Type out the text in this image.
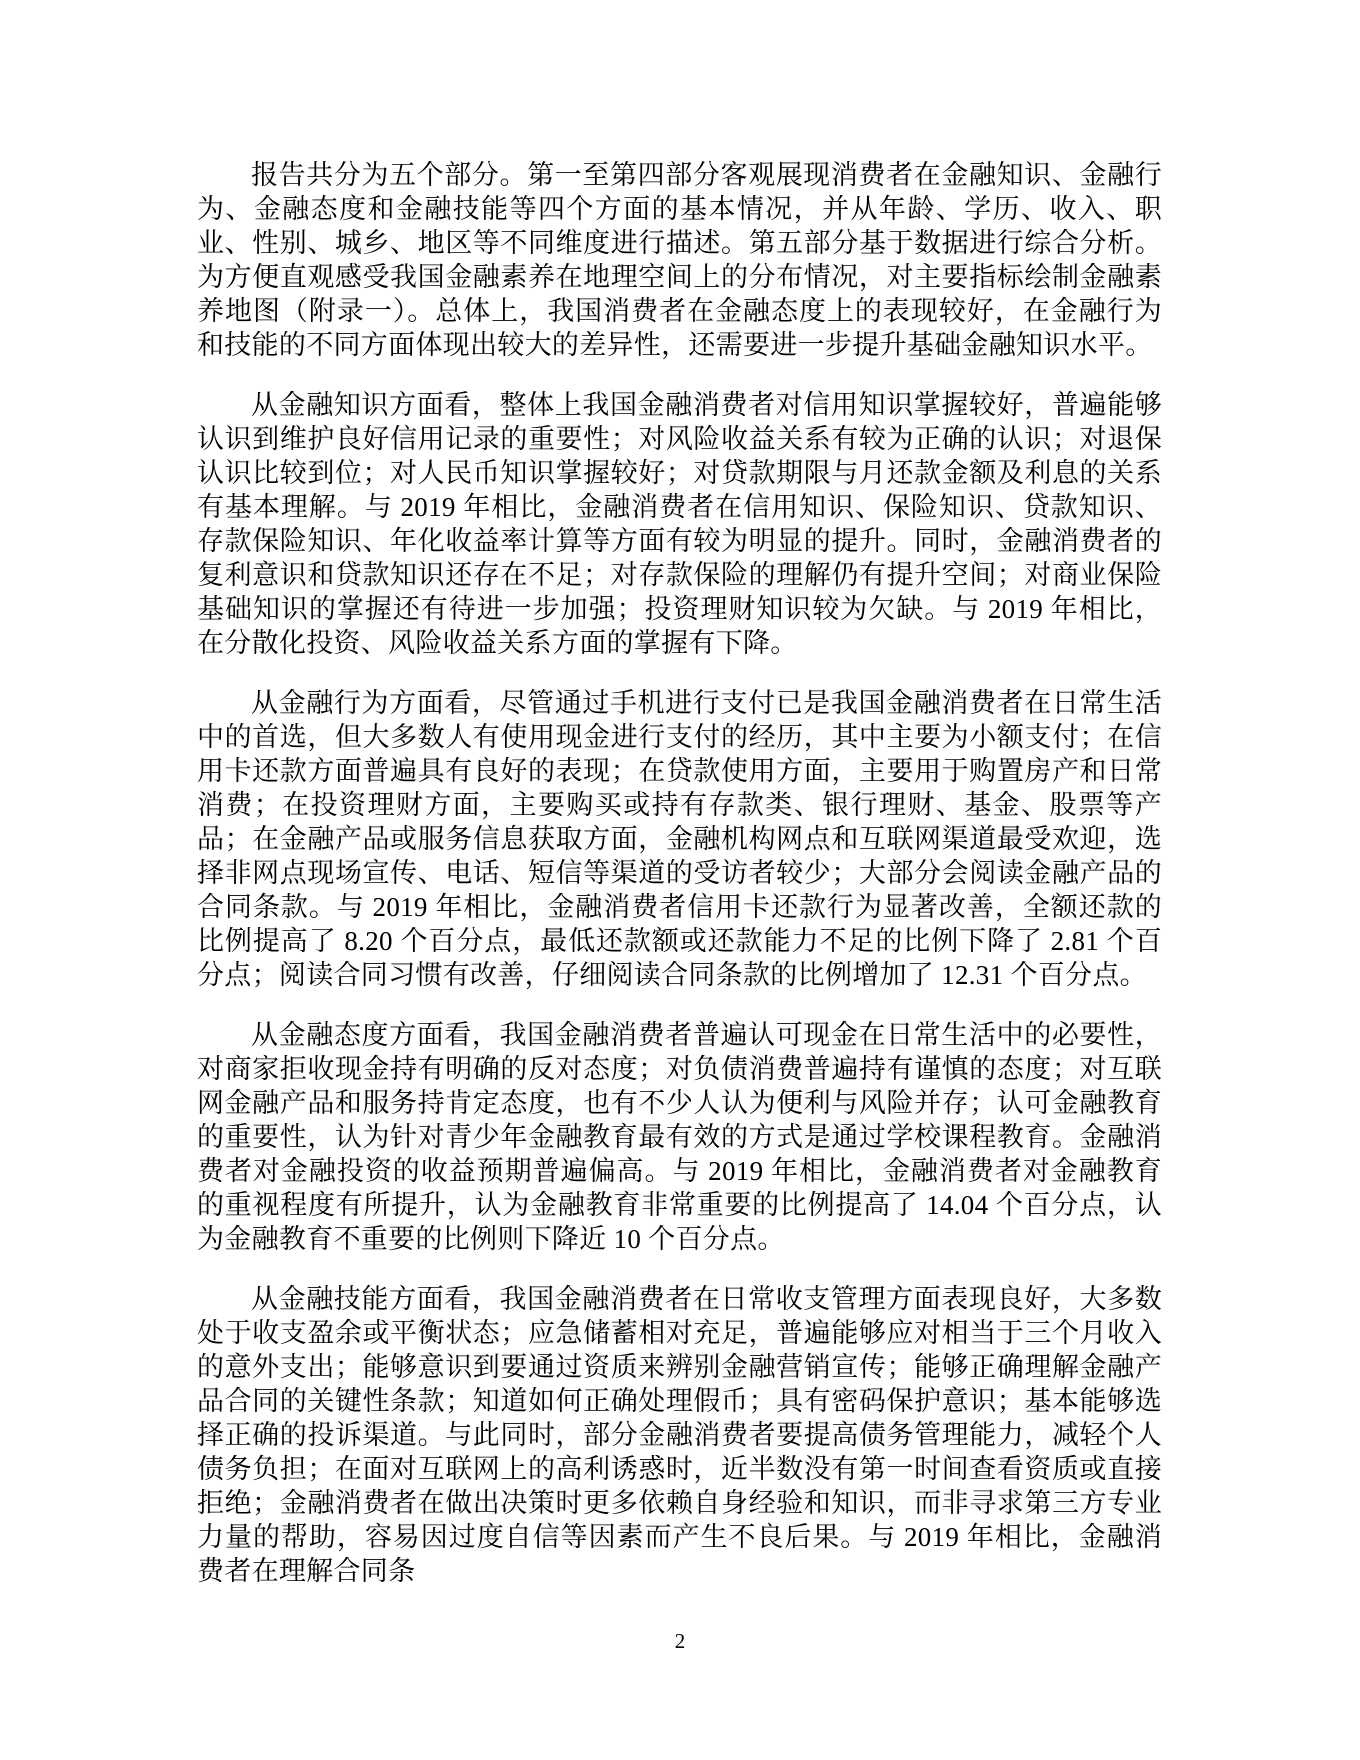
报告共分为五个部分。第一至第四部分客观展现消费者在金融知识、金融行为、金融态度和金融技能等四个方面的基本情况，并从年龄、学历、收入、职业、性别、城乡、地区等不同维度进行描述。第五部分基于数据进行综合分析。为方便直观感受我国金融素养在地理空间上的分布情况，对主要指标绘制金融素养地图（附录一）。总体上，我国消费者在金融态度上的表现较好，在金融行为和技能的不同方面体现出较大的差异性，还需要进一步提升基础金融知识水平。

从金融知识方面看，整体上我国金融消费者对信用知识掌握较好，普遍能够认识到维护良好信用记录的重要性；对风险收益关系有较为正确的认识；对退保认识比较到位；对人民币知识掌握较好；对贷款期限与月还款金额及利息的关系有基本理解。与 2019 年相比，金融消费者在信用知识、保险知识、贷款知识、存款保险知识、年化收益率计算等方面有较为明显的提升。同时，金融消费者的复利意识和贷款知识还存在不足；对存款保险的理解仍有提升空间；对商业保险基础知识的掌握还有待进一步加强；投资理财知识较为欠缺。与 2019 年相比，在分散化投资、风险收益关系方面的掌握有下降。

从金融行为方面看，尽管通过手机进行支付已是我国金融消费者在日常生活中的首选，但大多数人有使用现金进行支付的经历，其中主要为小额支付；在信用卡还款方面普遍具有良好的表现；在贷款使用方面，主要用于购置房产和日常消费；在投资理财方面，主要购买或持有存款类、银行理财、基金、股票等产品；在金融产品或服务信息获取方面，金融机构网点和互联网渠道最受欢迎，选择非网点现场宣传、电话、短信等渠道的受访者较少；大部分会阅读金融产品的合同条款。与 2019 年相比，金融消费者信用卡还款行为显著改善，全额还款的比例提高了 8.20 个百分点，最低还款额或还款能力不足的比例下降了 2.81 个百分点；阅读合同习惯有改善，仔细阅读合同条款的比例增加了 12.31 个百分点。

从金融态度方面看，我国金融消费者普遍认可现金在日常生活中的必要性，对商家拒收现金持有明确的反对态度；对负债消费普遍持有谨慎的态度；对互联网金融产品和服务持肯定态度，也有不少人认为便利与风险并存；认可金融教育的重要性，认为针对青少年金融教育最有效的方式是通过学校课程教育。金融消费者对金融投资的收益预期普遍偏高。与 2019 年相比，金融消费者对金融教育的重视程度有所提升，认为金融教育非常重要的比例提高了 14.04 个百分点，认为金融教育不重要的比例则下降近 10 个百分点。

从金融技能方面看，我国金融消费者在日常收支管理方面表现良好，大多数处于收支盈余或平衡状态；应急储蓄相对充足，普遍能够应对相当于三个月收入的意外支出；能够意识到要通过资质来辨别金融营销宣传；能够正确理解金融产品合同的关键性条款；知道如何正确处理假币；具有密码保护意识；基本能够选择正确的投诉渠道。与此同时，部分金融消费者要提高债务管理能力，减轻个人债务负担；在面对互联网上的高利诱惑时，近半数没有第一时间查看资质或直接拒绝；金融消费者在做出决策时更多依赖自身经验和知识，而非寻求第三方专业力量的帮助，容易因过度自信等因素而产生不良后果。与 2019 年相比，金融消费者在理解合同条

2
